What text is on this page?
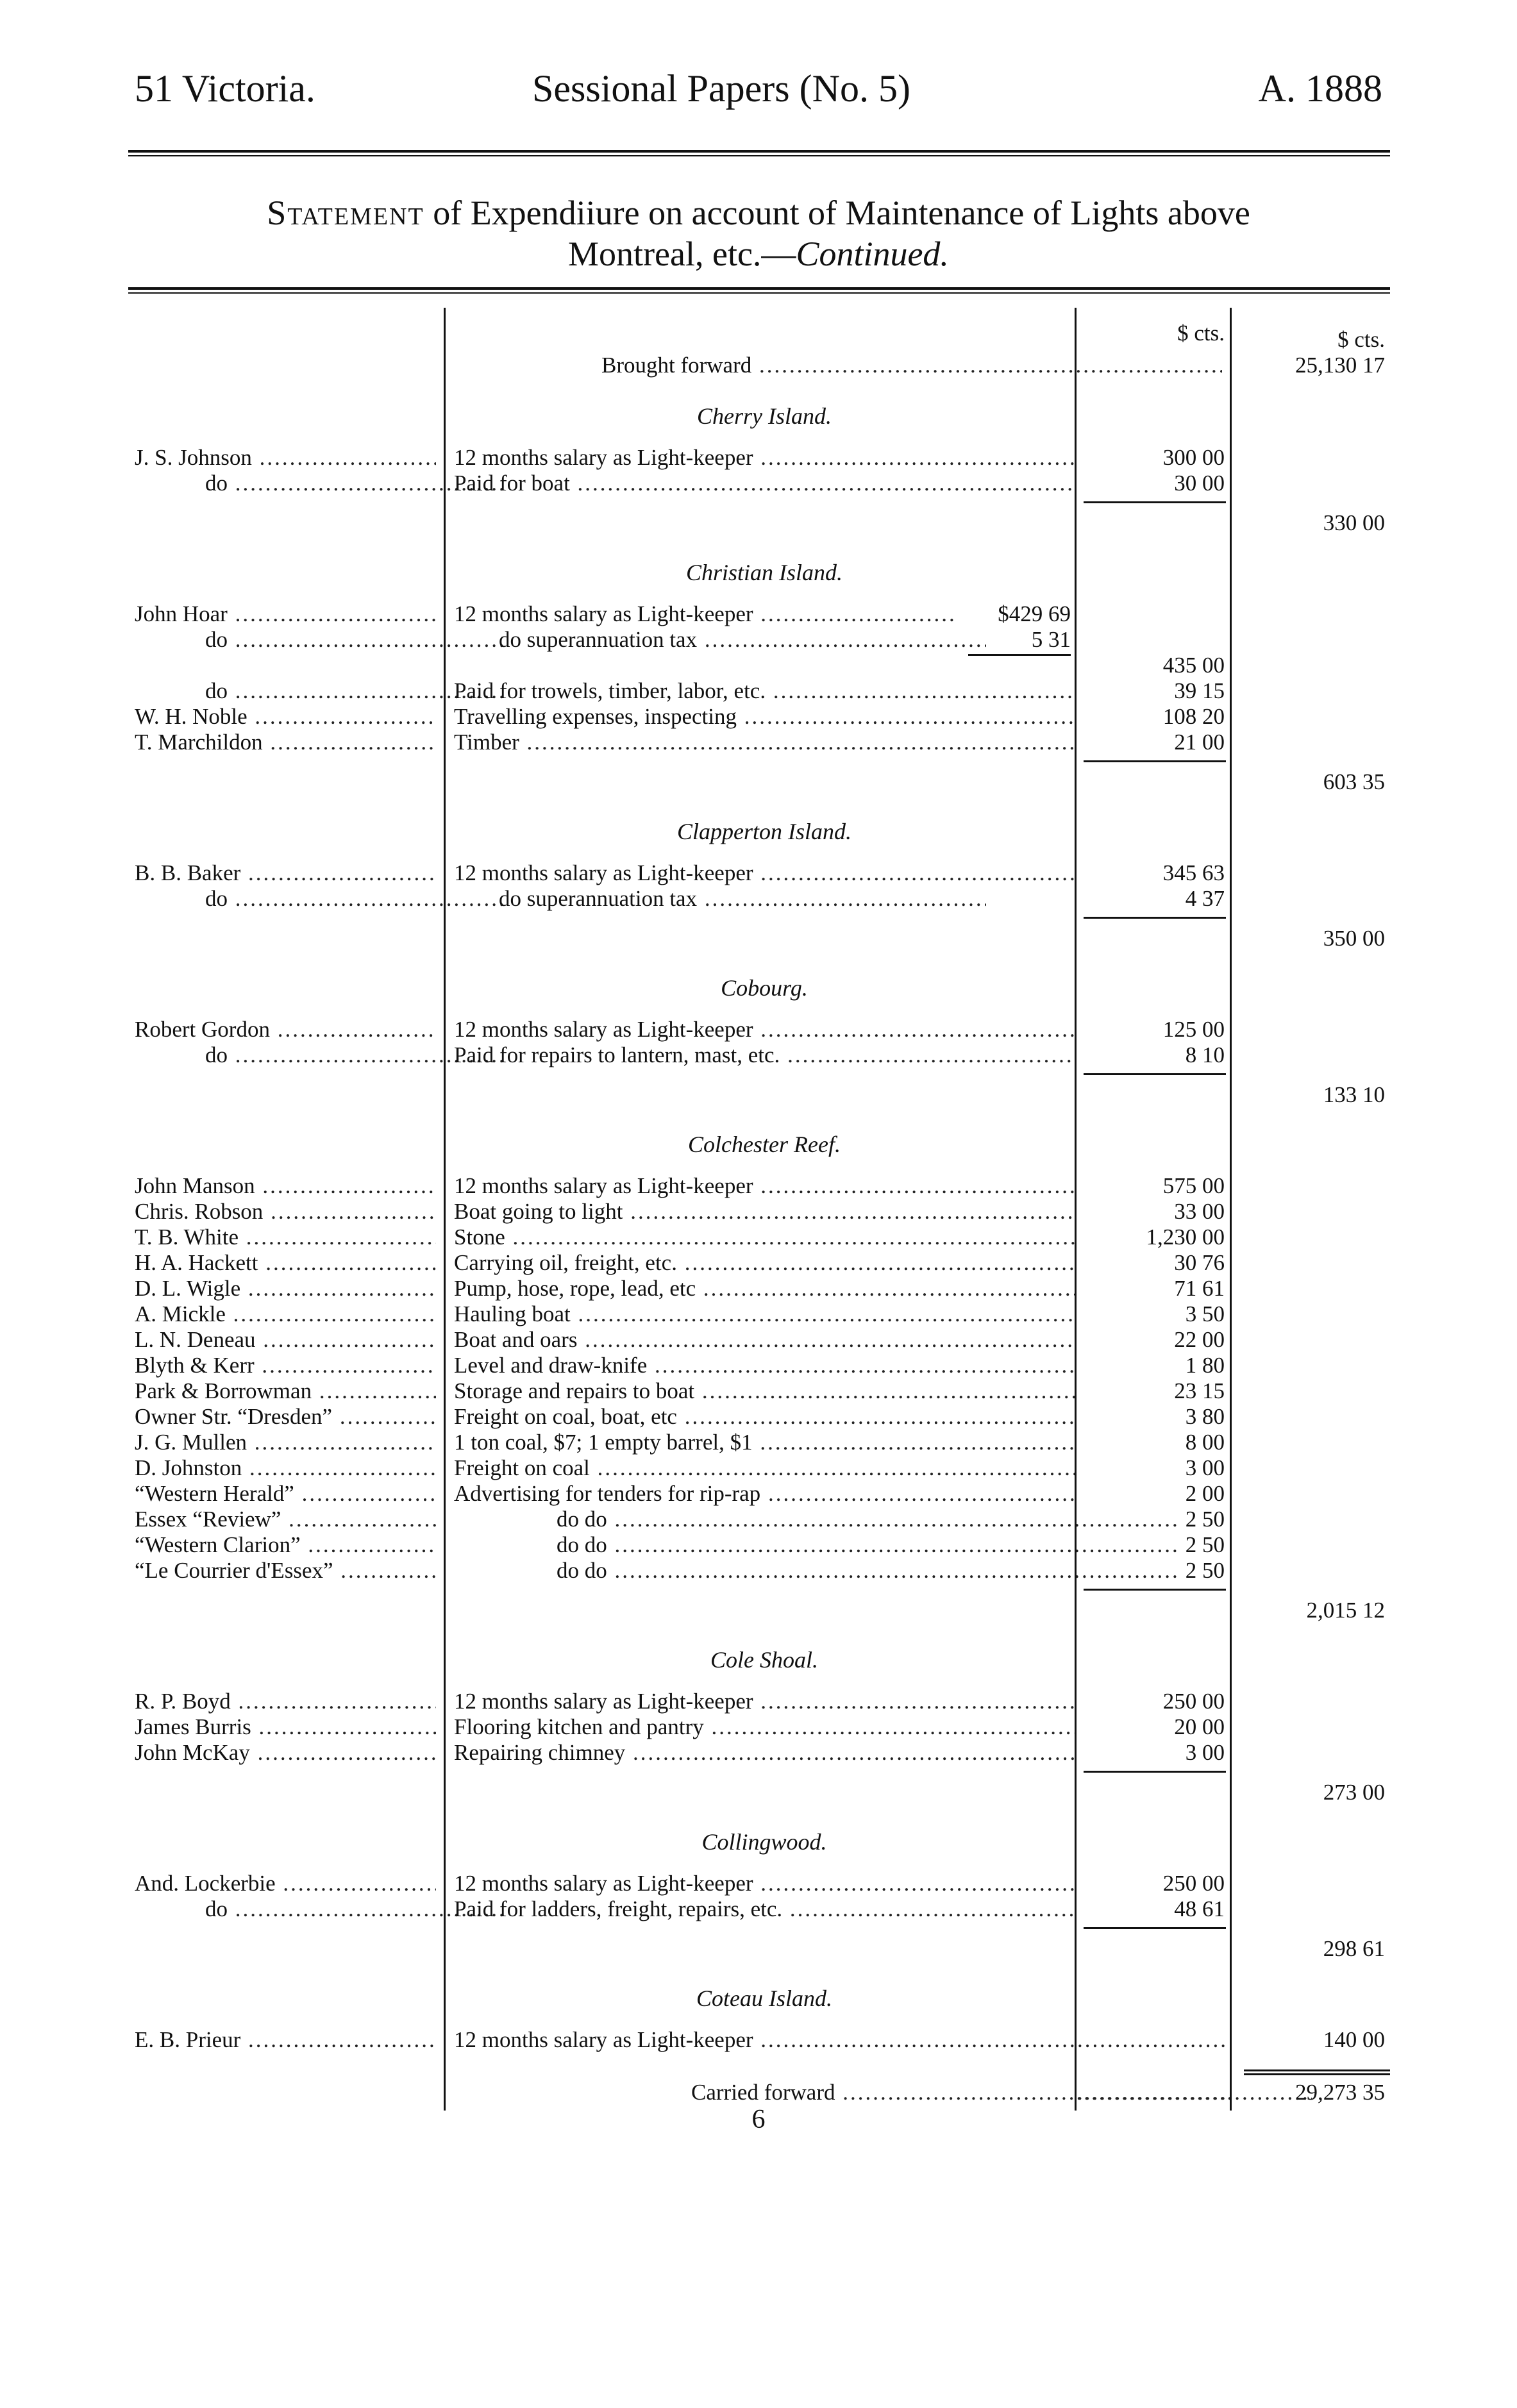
51 Victoria.	Sessional Papers (No. 5)	A. 1888
Statement of Expendiiure on account of Maintenance of Lights above
Montreal, etc.—Continued.
$ cts.	$ cts.
Brought forward .....	25,130 17
Cherry Island.
J. S. Johnson .....	12 months salary as Light-keeper .....	300 00
do .....	Paid for boat .....	30 00
330 00
Christian Island.
John Hoar .....	12 months salary as Light-keeper .....	$429 69
do .....	do superannuation tax .....	5 31
435 00
do .....	Paid for trowels, timber, labor, etc. .....	39 15
W. H. Noble .....	Travelling expenses, inspecting .....	108 20
T. Marchildon .....	Timber .....	21 00
603 35
Clapperton Island.
B. B. Baker .....	12 months salary as Light-keeper .....	345 63
do .....	do superannuation tax .....	4 37
350 00
Cobourg.
Robert Gordon .....	12 months salary as Light-keeper .....	125 00
do .....	Paid for repairs to lantern, mast, etc. .....	8 10
133 10
Colchester Reef.
John Manson .....	12 months salary as Light-keeper .....	575 00
Chris. Robson .....	Boat going to light .....	33 00
T. B. White .....	Stone .....	1,230 00
H. A. Hackett .....	Carrying oil, freight, etc. .....	30 76
D. L. Wigle .....	Pump, hose, rope, lead, etc .....	71 61
A. Mickle .....	Hauling boat .....	3 50
L. N. Deneau .....	Boat and oars .....	22 00
Blyth & Kerr .....	Level and draw-knife .....	1 80
Park & Borrowman .....	Storage and repairs to boat .....	23 15
Owner Str. “Dresden” .....	Freight on coal, boat, etc .....	3 80
J. G. Mullen .....	1 ton coal, $7; 1 empty barrel, $1 .....	8 00
D. Johnston .....	Freight on coal .....	3 00
“Western Herald” .....	Advertising for tenders for rip-rap .....	2 00
Essex “Review” .....	do do .....	2 50
“Western Clarion” .....	do do .....	2 50
“Le Courrier d'Essex” .....	do do .....	2 50
2,015 12
Cole Shoal.
R. P. Boyd .....	12 months salary as Light-keeper .....	250 00
James Burris .....	Flooring kitchen and pantry .....	20 00
John McKay .....	Repairing chimney .....	3 00
273 00
Collingwood.
And. Lockerbie .....	12 months salary as Light-keeper .....	250 00
do .....	Paid for ladders, freight, repairs, etc. .....	48 61
298 61
Coteau Island.
E. B. Prieur .....	12 months salary as Light-keeper ..... .....	140 00
Carried forward ..... .....	29,273 35
6
